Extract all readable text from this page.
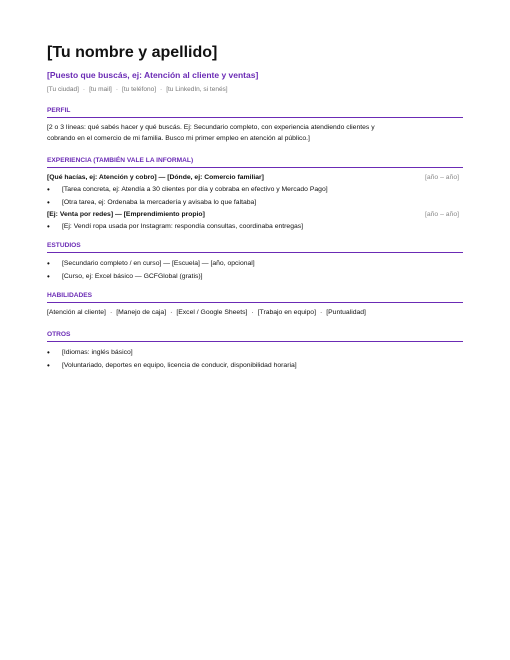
[Tu nombre y apellido]
[Puesto que buscás, ej: Atención al cliente y ventas]
[Tu ciudad] · [tu mail] · [tu teléfono] · [tu LinkedIn, si tenés]
PERFIL
[2 o 3 líneas: qué sabés hacer y qué buscás. Ej: Secundario completo, con experiencia atendiendo clientes y
cobrando en el comercio de mi familia. Busco mi primer empleo en atención al público.]
EXPERIENCIA (TAMBIÉN VALE LA INFORMAL)
[Qué hacías, ej: Atención y cobro] — [Dónde, ej: Comercio familiar]	[año – año]
• [Tarea concreta, ej: Atendía a 30 clientes por día y cobraba en efectivo y Mercado Pago]
• [Otra tarea, ej: Ordenaba la mercadería y avisaba lo que faltaba]
[Ej: Venta por redes] — [Emprendimiento propio]	[año – año]
• [Ej: Vendí ropa usada por Instagram: respondía consultas, coordinaba entregas]
ESTUDIOS
• [Secundario completo / en curso] — [Escuela] — [año, opcional]
• [Curso, ej: Excel básico — GCFGlobal (gratis)]
HABILIDADES
[Atención al cliente] · [Manejo de caja] · [Excel / Google Sheets] · [Trabajo en equipo] · [Puntualidad]
OTROS
• [Idiomas: inglés básico]
• [Voluntariado, deportes en equipo, licencia de conducir, disponibilidad horaria]
